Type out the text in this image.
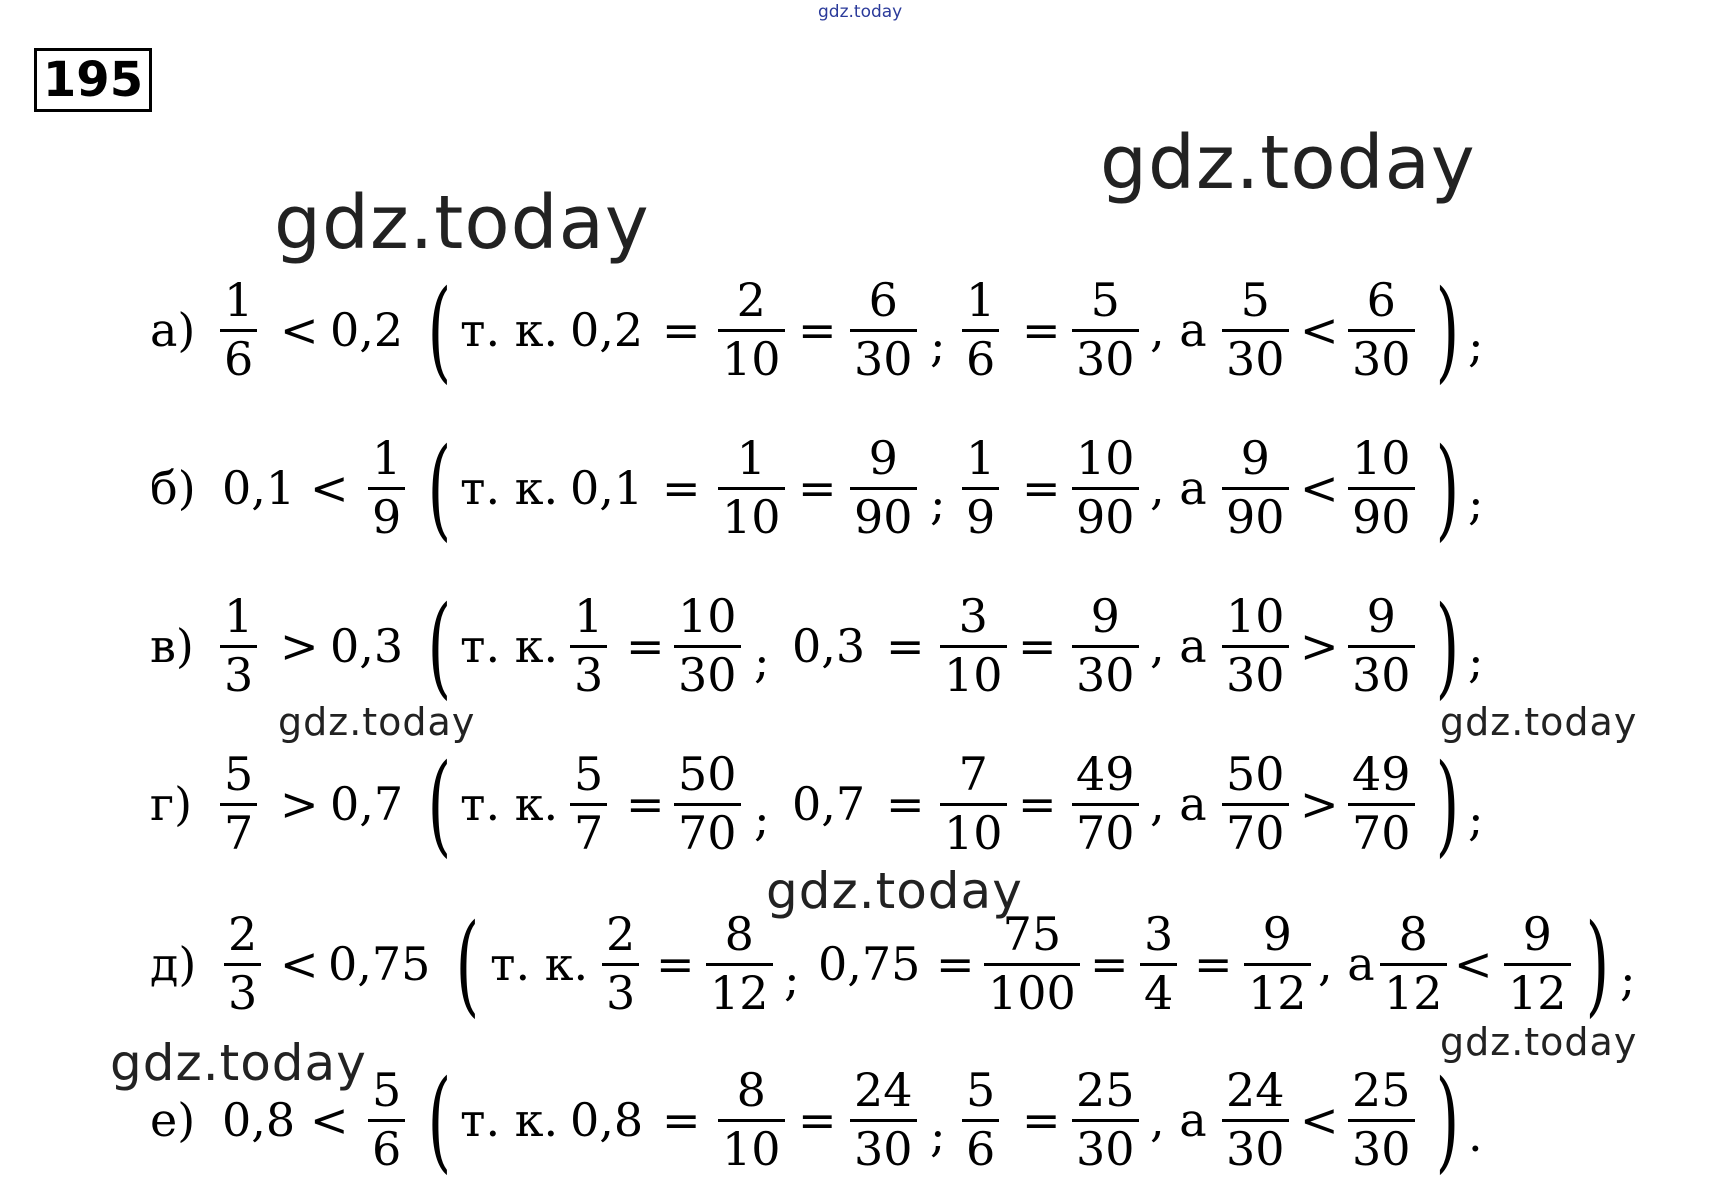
gdz.today
gdz.today
gdz.today
gdz.today	gdz.today
gdz.today
gdz.today
gdz.today
195
$а) \frac{1}{6} < 0,2$ ( т. к. $0,2 = \frac{2}{10} = \frac{6}{30}$ ; $\frac{1}{6} = \frac{5}{30}$ , а $\frac{5}{30} < \frac{6}{30}$ ) ;
б) $0,1 < \frac{1}{9}$ ( т. к. $0,1 = \frac{1}{10} = \frac{9}{90}$ ; $\frac{1}{9} = \frac{10}{90}$ , а $\frac{9}{90} < \frac{10}{90}$ ) ;
$в) \frac{1}{3} > 0,3$ ( т. к. $\frac{1}{3} = \frac{10}{30}$ ; $0,3 = \frac{3}{10} = \frac{9}{30}$ , а $\frac{10}{30} > \frac{9}{30}$ ) ;
$г) \frac{5}{7} > 0,7$ ( т. к. $\frac{5}{7} = \frac{50}{70}$ ; $0,7 = \frac{7}{10} = \frac{49}{70}$ , а $\frac{50}{70} > \frac{49}{70}$ ) ;
$д) \frac{2}{3} < 0,75$ ( т. к. $\frac{2}{3} = \frac{8}{12}$ ; $0,75 = \frac{75}{100} = \frac{3}{4} = \frac{9}{12}$ , а $\frac{8}{12} < \frac{9}{12}$ ) ;
е) $0,8 < \frac{5}{6}$ ( т. к. $0,8 = \frac{8}{10} = \frac{24}{30}$ ; $\frac{5}{6} = \frac{25}{30}$ , а $\frac{24}{30} < \frac{25}{30}$ ) .
